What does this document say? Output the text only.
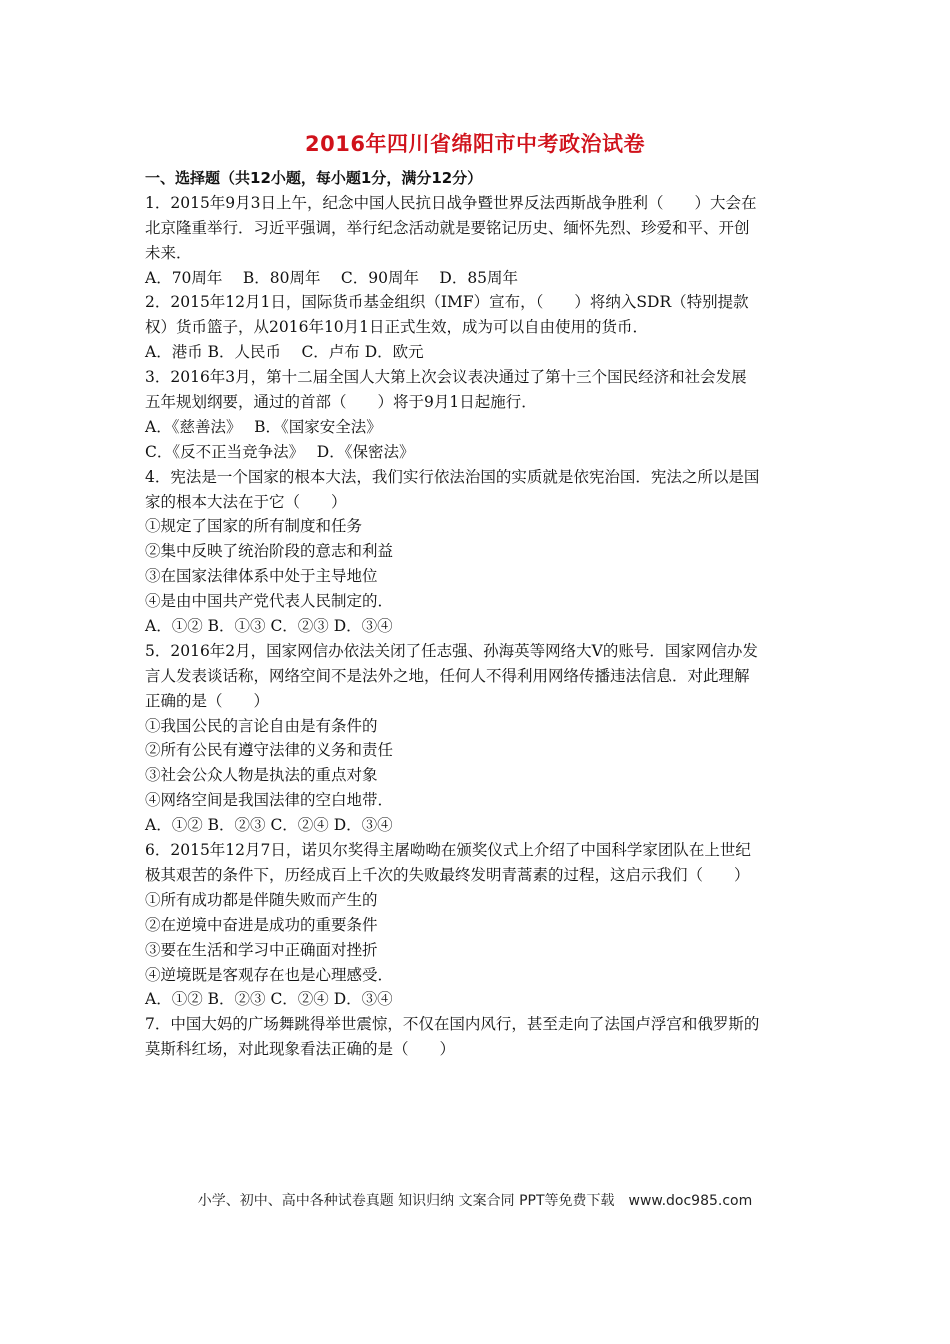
2016年四川省绵阳市中考政治试卷
一、选择题（共12小题，每小题1分，满分12分）
1．2015年9月3日上午，纪念中国人民抗日战争暨世界反法西斯战争胜利（　　）大会在
北京隆重举行．习近平强调，举行纪念活动就是要铭记历史、缅怀先烈、珍爱和平、开创
未来．
A．70周年　 B．80周年　 C．90周年　 D．85周年
2．2015年12月1日，国际货币基金组织（IMF）宣布，（　　）将纳入SDR（特别提款
权）货币篮子，从2016年10月1日正式生效，成为可以自由使用的货币．
A．港币 B．人民币　 C．卢布 D．欧元
3．2016年3月，第十二届全国人大第上次会议表决通过了第十三个国民经济和社会发展
五年规划纲要，通过的首部（　　）将于9月1日起施行．
A．《慈善法》　 B．《国家安全法》
C．《反不正当竞争法》　 D．《保密法》
4．宪法是一个国家的根本大法，我们实行依法治国的实质就是依宪治国．宪法之所以是国
家的根本大法在于它（　　）
①规定了国家的所有制度和任务
②集中反映了统治阶段的意志和利益
③在国家法律体系中处于主导地位
④是由中国共产党代表人民制定的．
A．①② B．①③ C．②③ D．③④
5．2016年2月，国家网信办依法关闭了任志强、孙海英等网络大V的账号．国家网信办发
言人发表谈话称，网络空间不是法外之地，任何人不得利用网络传播违法信息．对此理解
正确的是（　　）
①我国公民的言论自由是有条件的
②所有公民有遵守法律的义务和责任
③社会公众人物是执法的重点对象
④网络空间是我国法律的空白地带．
A．①② B．②③ C．②④ D．③④
6．2015年12月7日，诺贝尔奖得主屠呦呦在颁奖仪式上介绍了中国科学家团队在上世纪
极其艰苦的条件下，历经成百上千次的失败最终发明青蒿素的过程，这启示我们（　　）
①所有成功都是伴随失败而产生的
②在逆境中奋进是成功的重要条件
③要在生活和学习中正确面对挫折
④逆境既是客观存在也是心理感受．
A．①② B．②③ C．②④ D．③④
7．中国大妈的广场舞跳得举世震惊，不仅在国内风行，甚至走向了法国卢浮宫和俄罗斯的
莫斯科红场，对此现象看法正确的是（　　）
小学、初中、高中各种试卷真题 知识归纳 文案合同 PPT等免费下载　www.doc985.com
